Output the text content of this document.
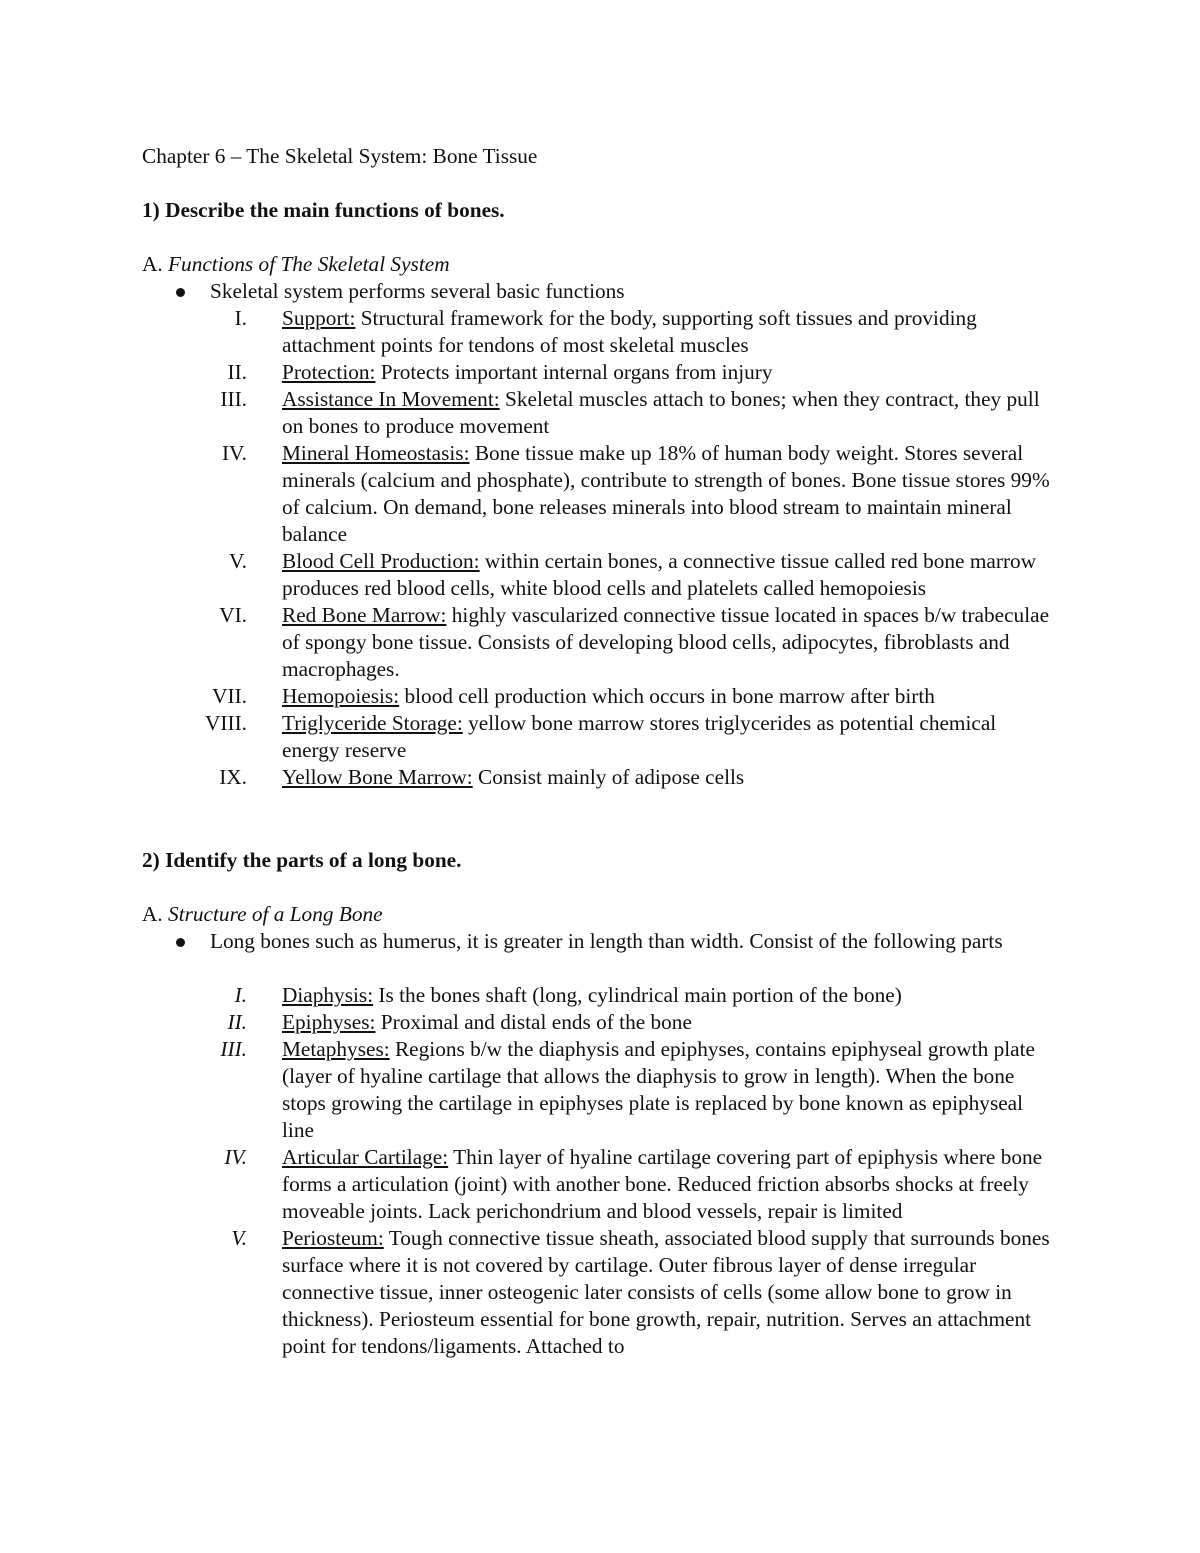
Chapter 6 – The Skeletal System: Bone Tissue
1) Describe the main functions of bones.
A. Functions of The Skeletal System
Skeletal system performs several basic functions
I. Support: Structural framework for the body, supporting soft tissues and providing attachment points for tendons of most skeletal muscles
II. Protection: Protects important internal organs from injury
III. Assistance In Movement: Skeletal muscles attach to bones; when they contract, they pull on bones to produce movement
IV. Mineral Homeostasis: Bone tissue make up 18% of human body weight. Stores several minerals (calcium and phosphate), contribute to strength of bones. Bone tissue stores 99% of calcium. On demand, bone releases minerals into blood stream to maintain mineral balance
V. Blood Cell Production: within certain bones, a connective tissue called red bone marrow produces red blood cells, white blood cells and platelets called hemopoiesis
VI. Red Bone Marrow: highly vascularized connective tissue located in spaces b/w trabeculae of spongy bone tissue. Consists of developing blood cells, adipocytes, fibroblasts and macrophages.
VII. Hemopoiesis: blood cell production which occurs in bone marrow after birth
VIII. Triglyceride Storage: yellow bone marrow stores triglycerides as potential chemical energy reserve
IX. Yellow Bone Marrow: Consist mainly of adipose cells
2) Identify the parts of a long bone.
A. Structure of a Long Bone
Long bones such as humerus, it is greater in length than width. Consist of the following parts
I. Diaphysis: Is the bones shaft (long, cylindrical main portion of the bone)
II. Epiphyses: Proximal and distal ends of the bone
III. Metaphyses: Regions b/w the diaphysis and epiphyses, contains epiphyseal growth plate (layer of hyaline cartilage that allows the diaphysis to grow in length). When the bone stops growing the cartilage in epiphyses plate is replaced by bone known as epiphyseal line
IV. Articular Cartilage: Thin layer of hyaline cartilage covering part of epiphysis where bone forms a articulation (joint) with another bone. Reduced friction absorbs shocks at freely moveable joints. Lack perichondrium and blood vessels, repair is limited
V. Periosteum: Tough connective tissue sheath, associated blood supply that surrounds bones surface where it is not covered by cartilage. Outer fibrous layer of dense irregular connective tissue, inner osteogenic later consists of cells (some allow bone to grow in thickness). Periosteum essential for bone growth, repair, nutrition. Serves an attachment point for tendons/ligaments. Attached to
